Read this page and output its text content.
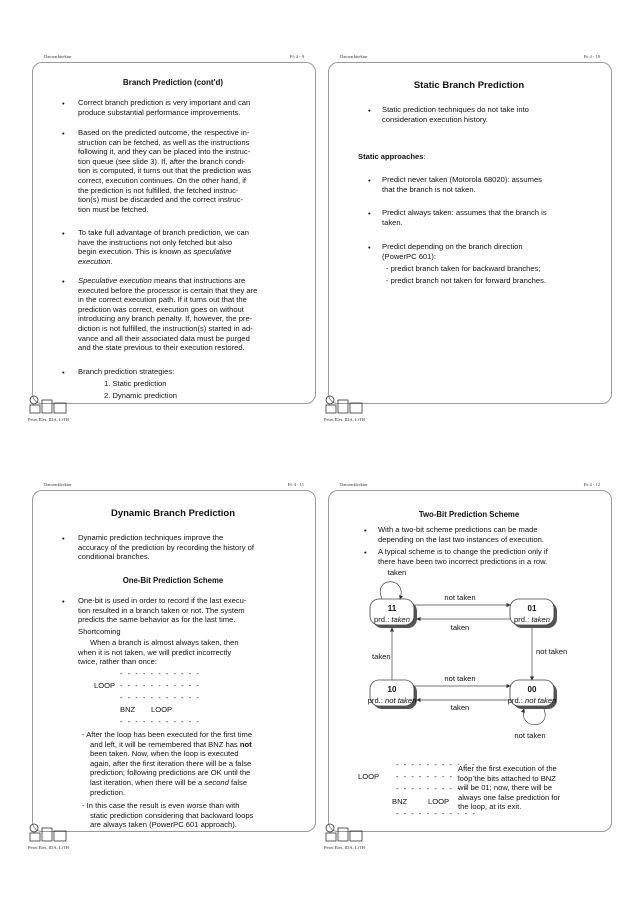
Datorarkitektur	Fö 4 - 9
Branch Prediction (cont'd)
• Correct branch prediction is very important and can
produce substantial performance improvements.
• Based on the predicted outcome, the respective in-
struction can be fetched, as well as the instructions
following it, and they can be placed into the instruc-
tion queue (see slide 3). If, after the branch condi-
tion is computed, it turns out that the prediction was
correct, execution continues. On the other hand, if
the prediction is not fulfilled, the fetched instruc-
tion(s) must be discarded and the correct instruc-
tion must be fetched.
• To take full advantage of branch prediction, we can
have the instructions not only fetched but also
begin execution. This is known as speculative
execution.
• Speculative execution means that instructions are
executed before the processor is certain that they are
in the correct execution path. If it turns out that the
prediction was correct, execution goes on without
introducing any branch penalty. If, however, the pre-
diction is not fulfilled, the instruction(s) started in ad-
vance and all their associated data must be purged
and the state previous to their execution restored.
• Branch prediction strategies:
1. Static prediction
2. Dynamic prediction
Petru Eles, IDA, LiTH
Datorarkitektur	Fö 4 - 10
Static Branch Prediction
• Static prediction techniques do not take into
consideration execution history.
Static approaches:
• Predict never taken (Motorola 68020): assumes
that the branch is not taken.
• Predict always taken: assumes that the branch is
taken.
• Predict depending on the branch direction
(PowerPC 601):
- predict branch taken for backward branches;
- predict branch not taken for forward branches.
Petru Eles, IDA, LiTH
Datorarkitektur	Fö 4 - 11
Dynamic Branch Prediction
• Dynamic prediction techniques improve the
accuracy of the prediction by recording the history of
conditional branches.
One-Bit Prediction Scheme
• One-bit is used in order to record if the last execu-
tion resulted in a branch taken or not. The system
predicts the same behavior as for the last time.
Shortcoming
When a branch is almost always taken, then
when it is not taken, we will predict incorrectly
twice, rather than once:
- - - - - - - - - - -
LOOP - - - - - - - - - - -
- - - - - - - - - - -
BNZ LOOP
- - - - - - - - - - -
- After the loop has been executed for the first time
and left, it will be remembered that BNZ has not
been taken. Now, when the loop is executed
again, after the first iteration there will be a false
prediction; following predictions are OK until the
last iteration, when there will be a second false
prediction.
- In this case the result is even worse than with
static prediction considering that backward loops
are always taken (PowerPC 601 approach).
Petru Eles, IDA, LiTH
Datorarkitektur	Fö 4 - 12
Two-Bit Prediction Scheme
• With a two-bit scheme predictions can be made
depending on the last two instances of execution.
• A typical scheme is to change the prediction only if
there have been two incorrect predictions in a row.
11
prd.: taken
01
prd.: taken
10
prd.: not taken
00
prd.: not taken
taken
not taken
taken
not taken
taken
not taken
taken
not taken
- - - - - - - - - - -
LOOP - - - - - - - - - - -
- - - - - - - - - - -
BNZ	LOOP
- - - - - - - - - - -
After the first execution of the
loop the bits attached to BNZ
will be 01; now, there will be
always one false prediction for
the loop, at its exit.
Petru Eles, IDA, LiTH
